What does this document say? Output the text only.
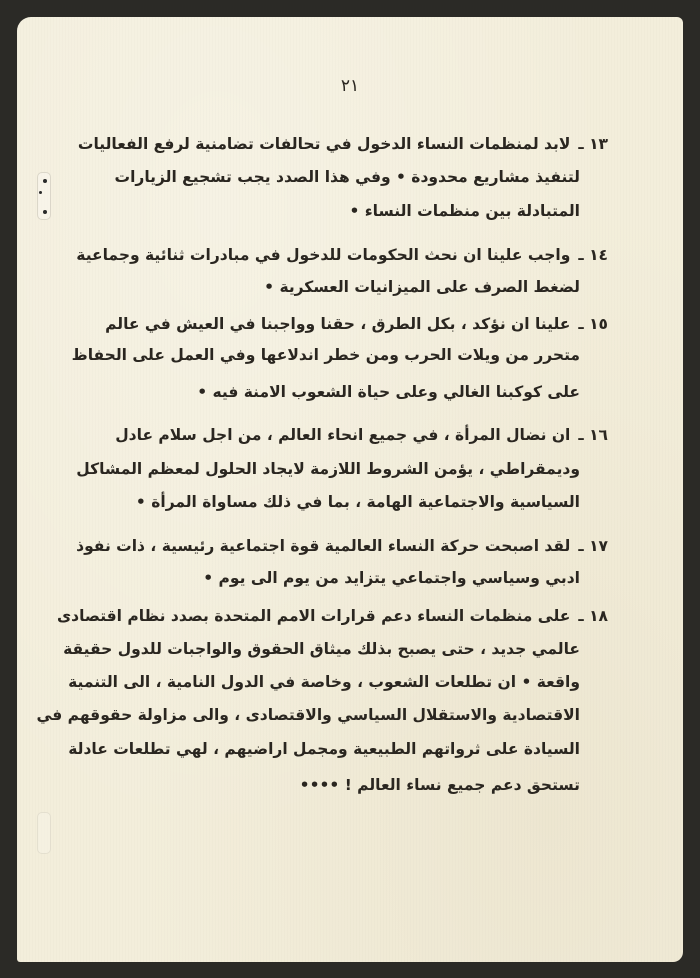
٢١
١٣ ـلابد لمنظمات النساء الدخول في تحالفات تضامنية لرفع الفعاليات
لتنفيذ مشاريع محدودة • وفي هذا الصدد يجب تشجيع الزيارات
المتبادلة بين منظمات النساء •
١٤ ـواجب علينا ان نحث الحكومات للدخول في مبادرات ثنائية وجماعية
لضغط الصرف على الميزانيات العسكرية •
١٥ ـعلينا ان نؤكد ، بكل الطرق ، حقنا وواجبنا في العيش في عالم
متحرر من ويلات الحرب ومن خطر اندلاعها وفي العمل على الحفاظ
على كوكبنا الغالي وعلى حياة الشعوب الامنة فيه •
١٦ ـان نضال المرأة ، في جميع انحاء العالم ، من اجل سلام عادل
وديمقراطي ، يؤمن الشروط اللازمة لايجاد الحلول لمعظم المشاكل
السياسية والاجتماعية الهامة ، بما في ذلك مساواة المرأة •
١٧ ـلقد اصبحت حركة النساء العالمية قوة اجتماعية رئيسية ، ذات نفوذ
ادبي وسياسي واجتماعي يتزايد من يوم الى يوم •
١٨ ـعلى منظمات النساء دعم قرارات الامم المتحدة بصدد نظام اقتصادى
عالمي جديد ، حتى يصبح بذلك ميثاق الحقوق والواجبات للدول حقيقة
واقعة • ان تطلعات الشعوب ، وخاصة في الدول النامية ، الى التنمية
الاقتصادية والاستقلال السياسي والاقتصادى ، والى مزاولة حقوقهم في
السيادة على ثرواتهم الطبيعية ومجمل اراضيهم ، لهي تطلعات عادلة
تستحق دعم جميع نساء العالم ! ••••
